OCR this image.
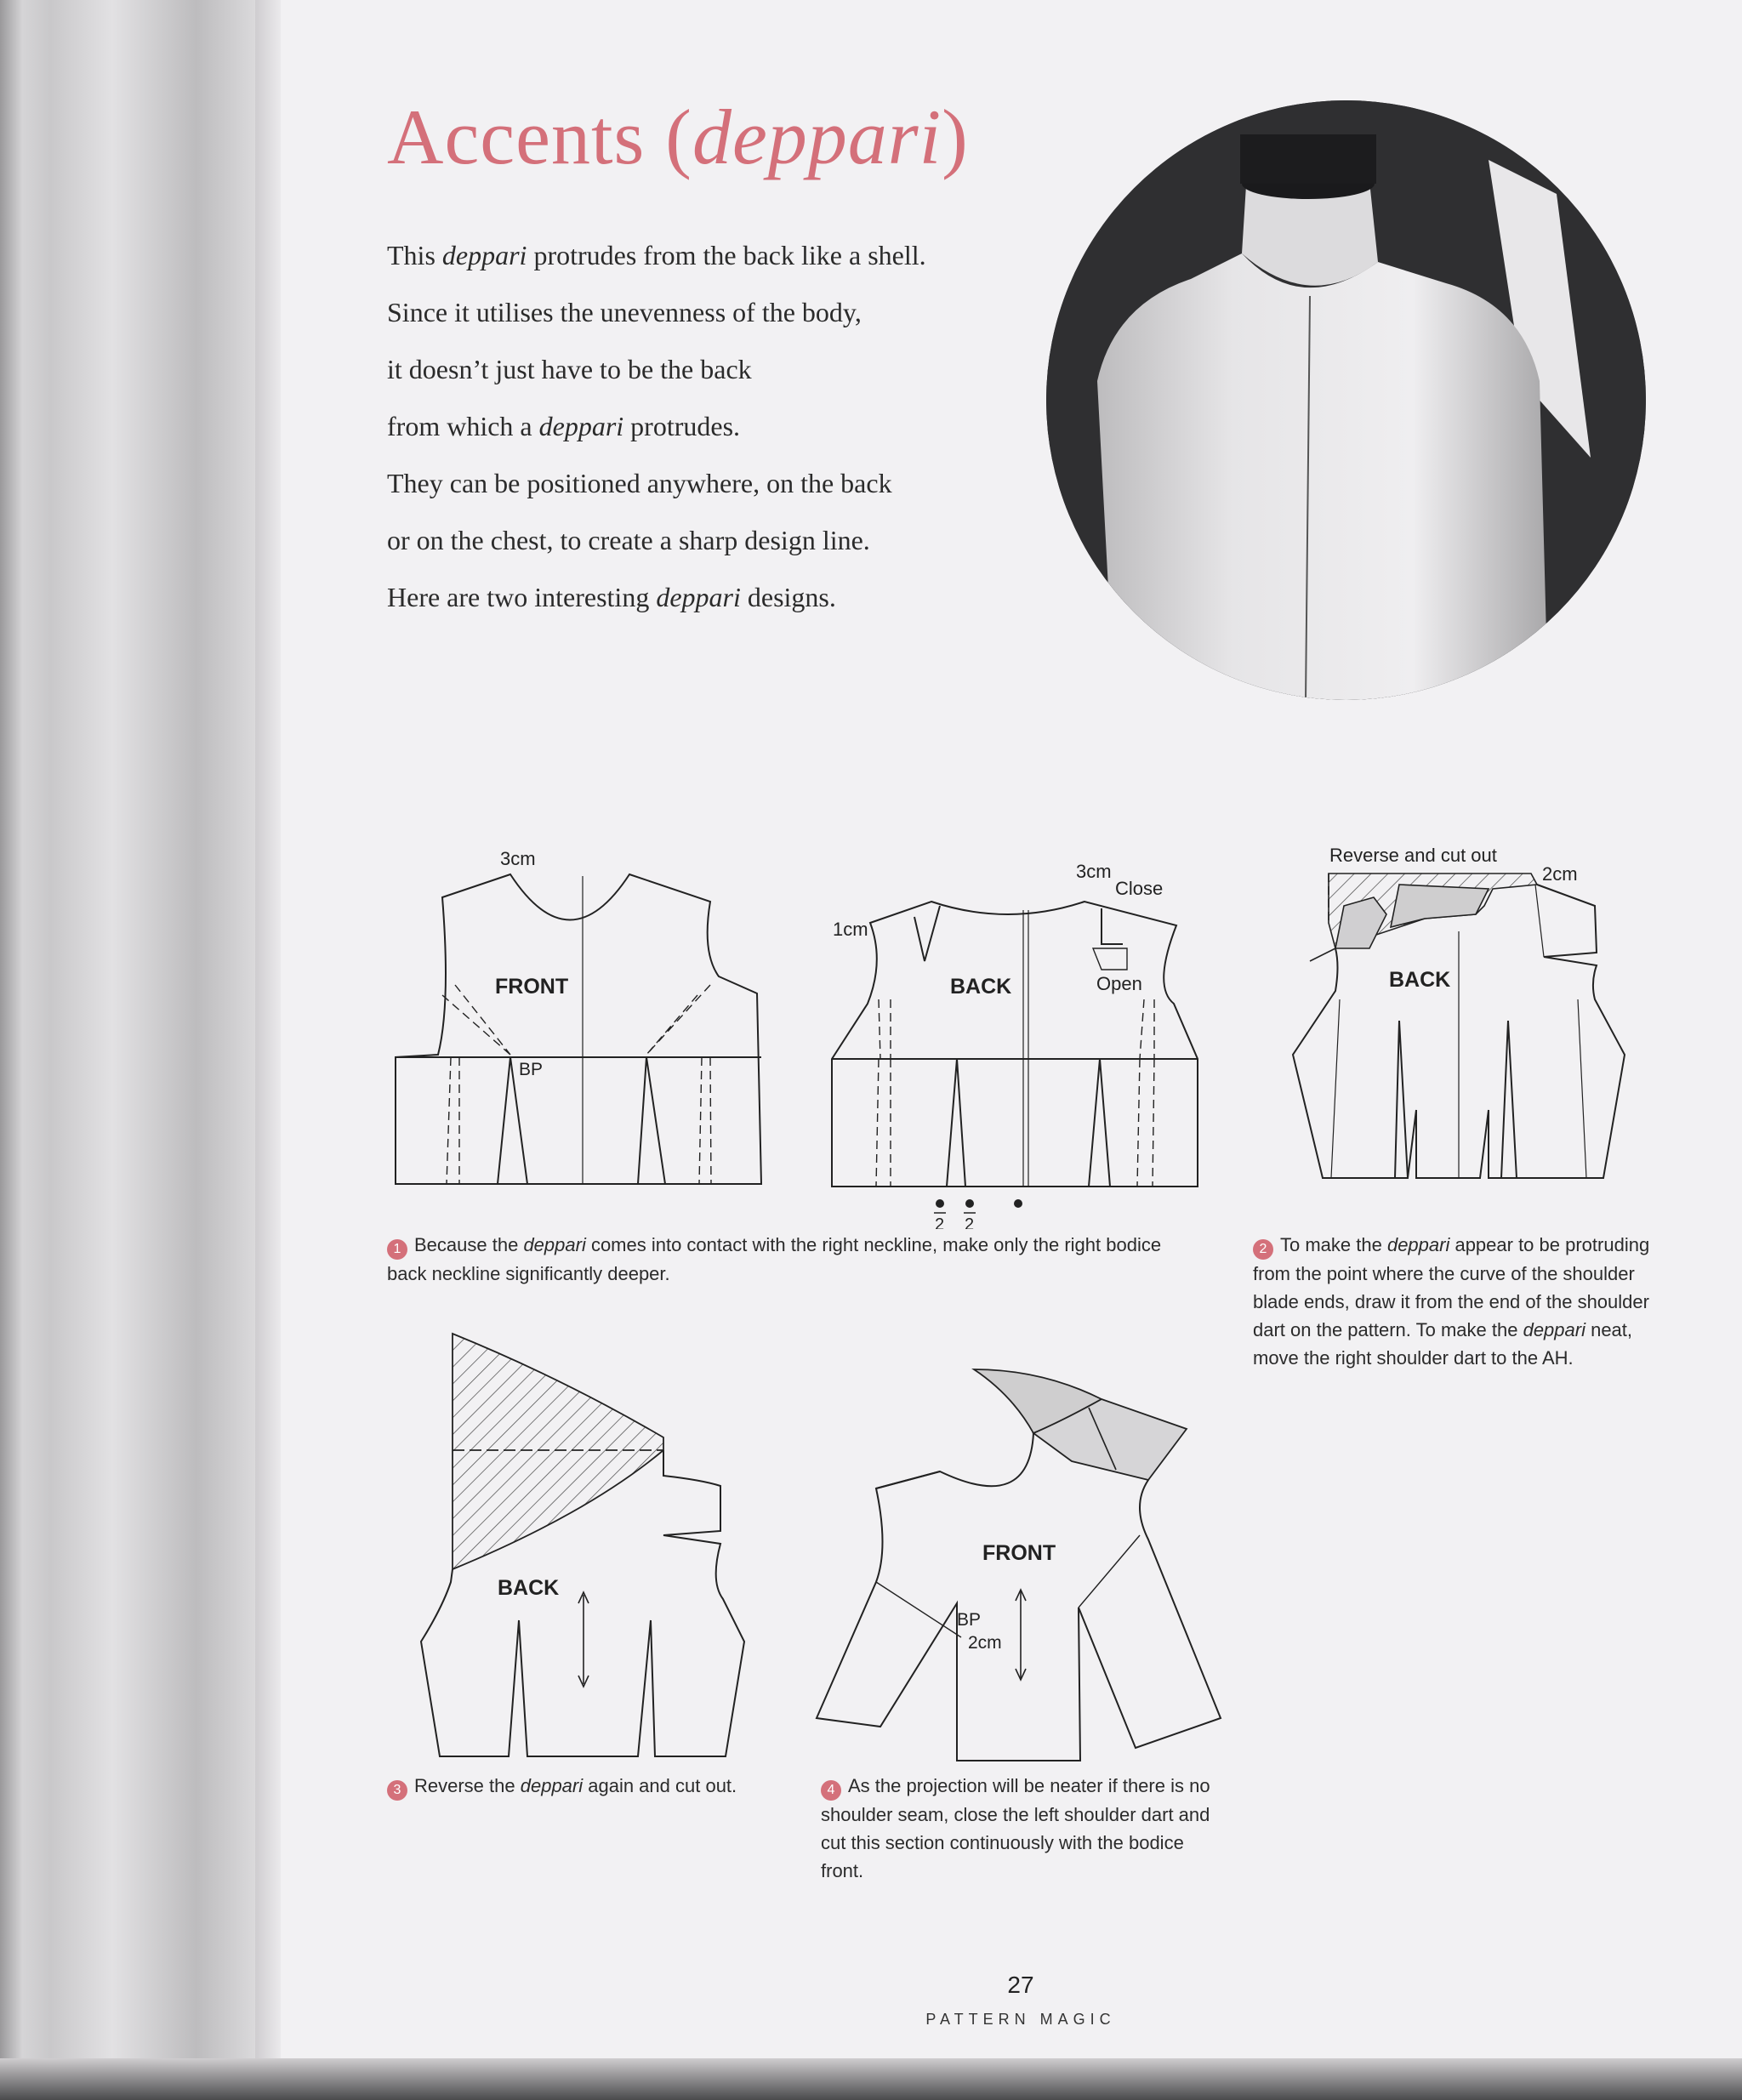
Accents (deppari)

This deppari protrudes from the back like a shell.

Since it utilises the unevenness of the body,

it doesn’t just have to be the back

from which a deppari protrudes.

They can be positioned anywhere, on the back

or on the chest, to create a sharp design line.

Here are two interesting deppari designs.

3cm
FRONT
BP
3cm
Close
1cm
BACK	Open
2 2
Reverse and cut out
2cm
BACK
BACK
FRONT
BP
2cm

1 Because the deppari comes into contact with the right neckline, make only the right bodice back neckline significantly deeper.

2 To make the deppari appear to be protruding from the point where the curve of the shoulder blade ends, draw it from the end of the shoulder dart on the pattern. To make the deppari neat, move the right shoulder dart to the AH.

3 Reverse the deppari again and cut out.	4 As the projection will be neater if there is no shoulder seam, close the left shoulder dart and cut this section continuously with the bodice front.

27
PATTERN MAGIC
